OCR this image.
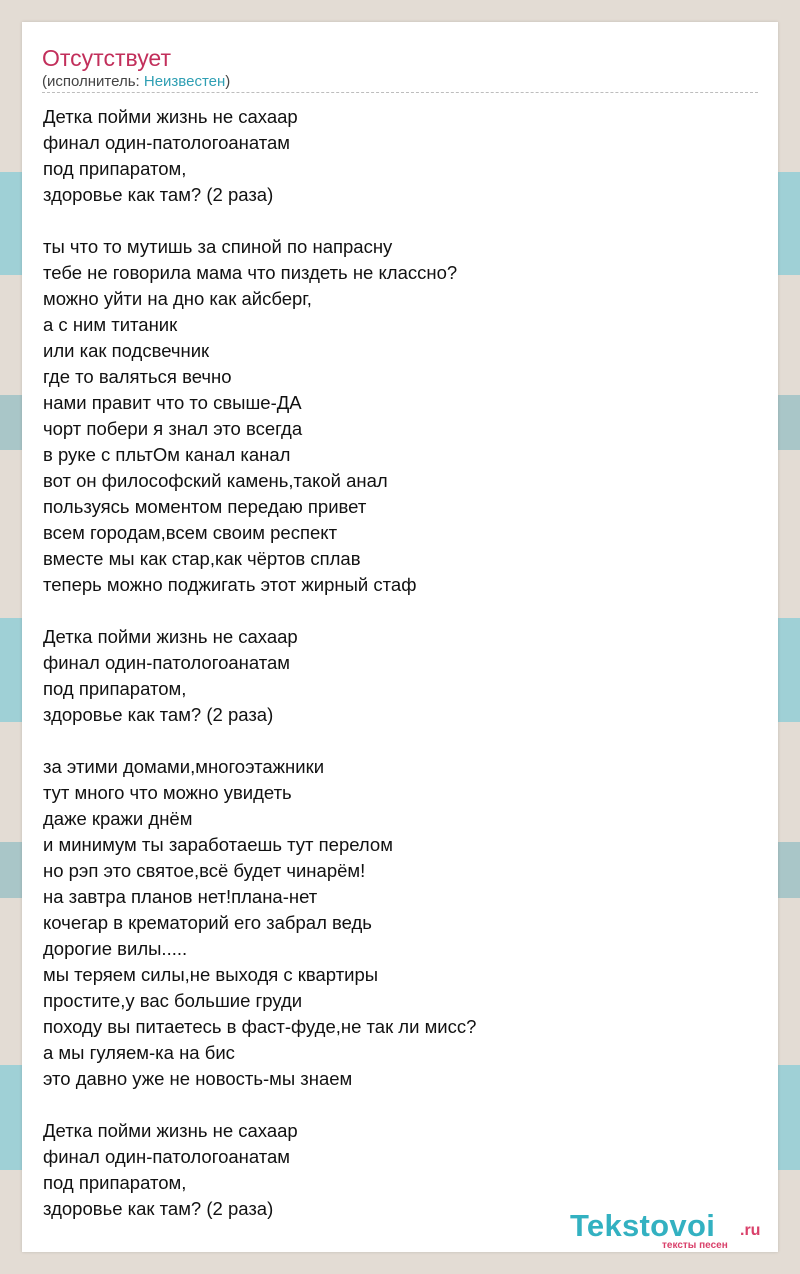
Отсутствует
(исполнитель: Неизвестен)
Детка пойми жизнь не сахаар
финал один-патологоанатам
под припаратом,
здоровье как там? (2 раза)
ты что то мутишь за спиной по напрасну
тебе не говорила мама что пиздеть не классно?
можно уйти на дно как айсберг,
а с ним титаник
или как подсвечник
где то валяться вечно
нами правит что то свыше-ДА
чорт побери я знал это всегда
в руке с пльтОм канал канал
вот он философский камень,такой анал
пользуясь моментом передаю привет
всем городам,всем своим респект
вместе мы как стар,как чёртов сплав
теперь можно поджигать этот жирный стаф
Детка пойми жизнь не сахаар
финал один-патологоанатам
под припаратом,
здоровье как там? (2 раза)
за этими домами,многоэтажники
тут много что можно увидеть
даже кражи днём
и минимум ты заработаешь тут перелом
но рэп это святое,всё будет чинарём!
на завтра планов нет!плана-нет
кочегар в крематорий его забрал ведь
дорогие вилы.....
мы теряем силы,не выходя с квартиры
простите,у вас большие груди
походу вы питаетесь в фаст-фуде,не так ли мисс?
а мы гуляем-ка на бис
это давно уже не новость-мы знаем
Детка пойми жизнь не сахаар
финал один-патологоанатам
под припаратом,
здоровье как там? (2 раза)	Tekstovoi .ru
тексты песен
